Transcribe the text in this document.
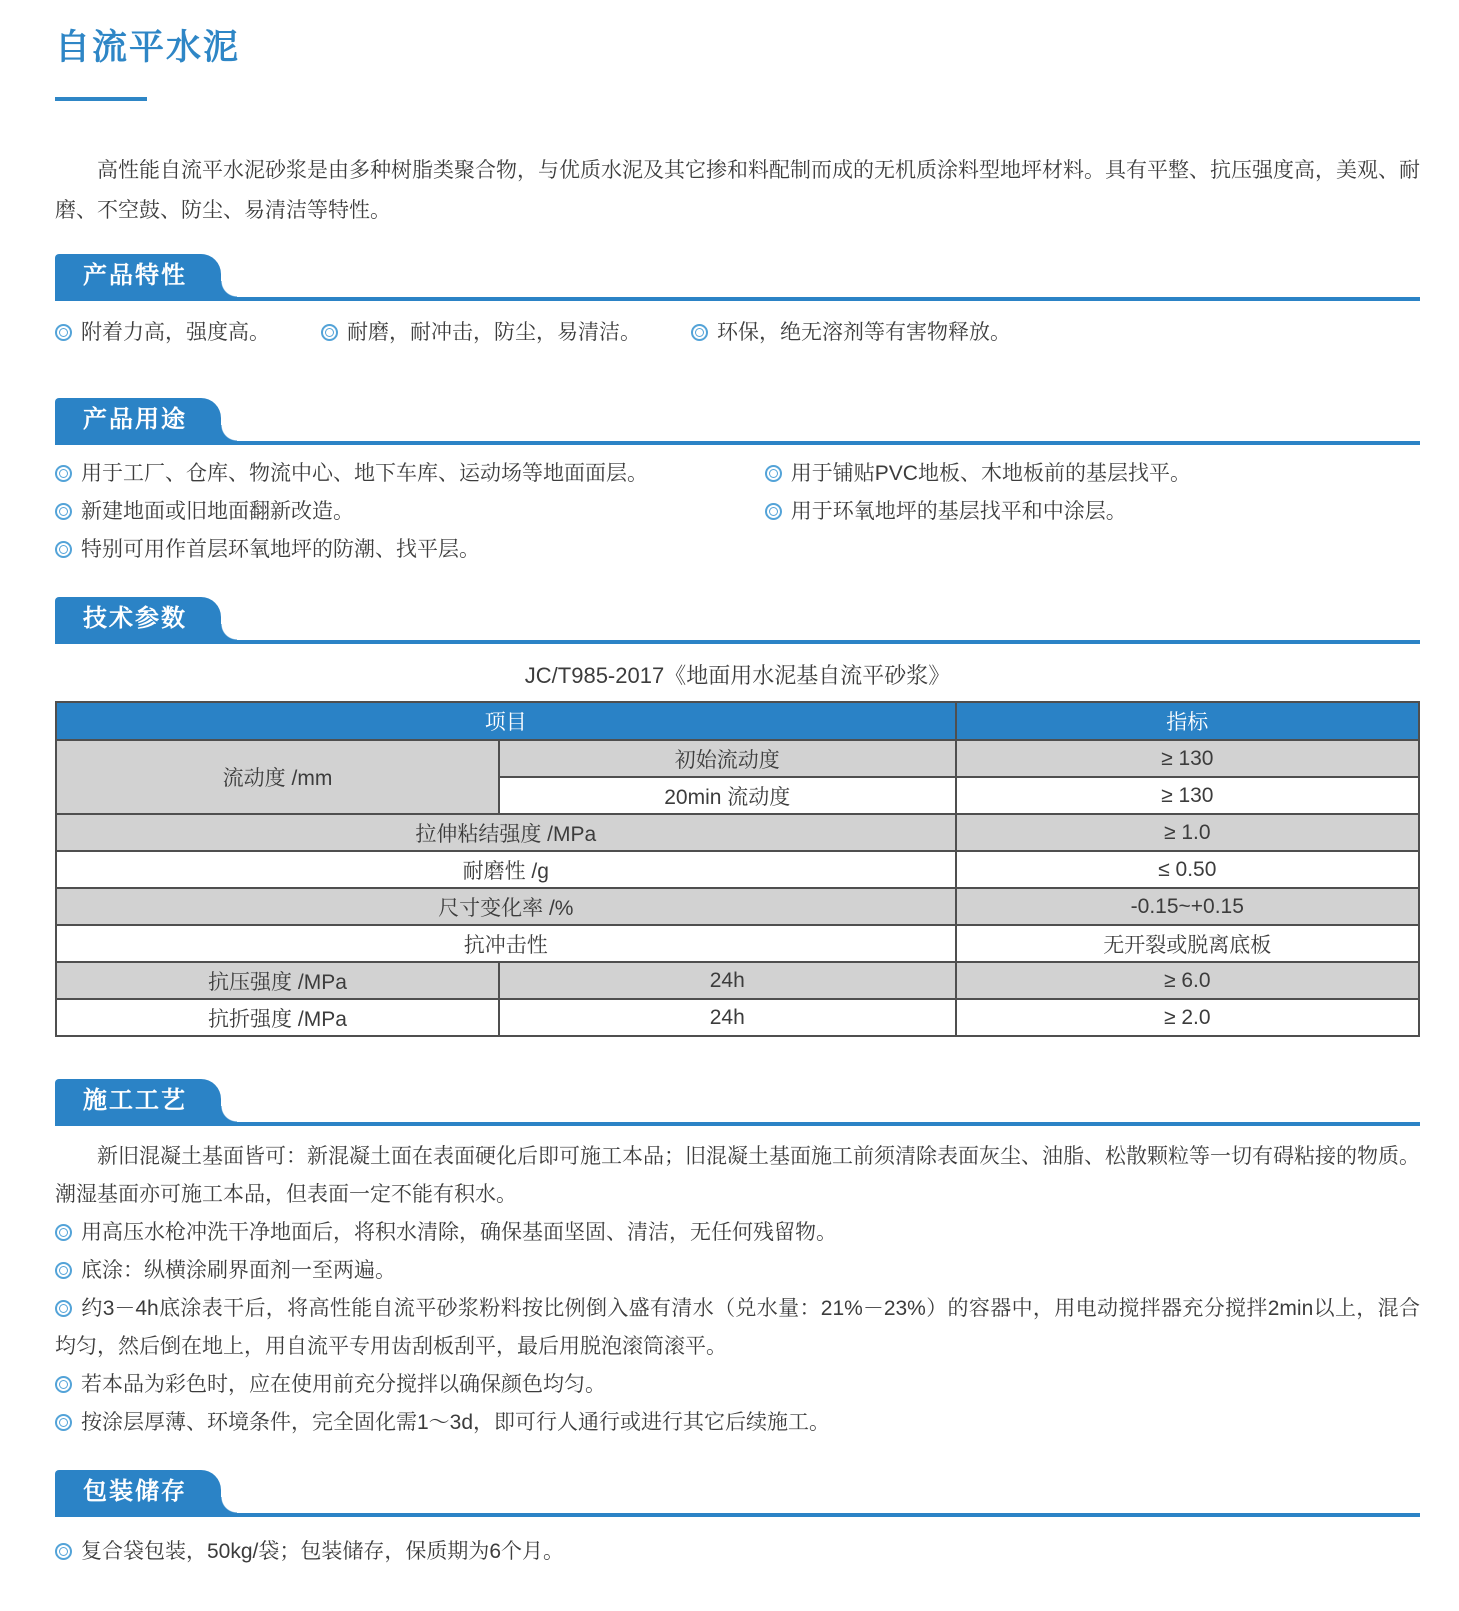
自流平水泥

高性能自流平水泥砂浆是由多种树脂类聚合物，与优质水泥及其它掺和料配制而成的无机质涂料型地坪材料。具有平整、抗压强度高，美观、耐磨、不空鼓、防尘、易清洁等特性。

产品特性

附着力高，强度高。	耐磨，耐冲击，防尘，易清洁。	环保，绝无溶剂等有害物释放。

产品用途

用于工厂、仓库、物流中心、地下车库、运动场等地面面层。

新建地面或旧地面翻新改造。

特别可用作首层环氧地坪的防潮、找平层。

用于铺贴PVC地板、木地板前的基层找平。

用于环氧地坪的基层找平和中涂层。

技术参数

JC/T985-2017《地面用水泥基自流平砂浆》

项目		指标
流动度 /mm	初始流动度	≥ 130
	20min 流动度	≥ 130
拉伸粘结强度 /MPa		≥ 1.0
耐磨性 /g		≤ 0.50
尺寸变化率 /%		-0.15~+0.15
抗冲击性		无开裂或脱离底板
抗压强度 /MPa	24h	≥ 6.0
抗折强度 /MPa	24h	≥ 2.0
施工工艺

新旧混凝土基面皆可：新混凝土面在表面硬化后即可施工本品；旧混凝土基面施工前须清除表面灰尘、油脂、松散颗粒等一切有碍粘接的物质。潮湿基面亦可施工本品，但表面一定不能有积水。

用高压水枪冲洗干净地面后，将积水清除，确保基面坚固、清洁，无任何残留物。

底涂：纵横涂刷界面剂一至两遍。

约3－4h底涂表干后，将高性能自流平砂浆粉料按比例倒入盛有清水（兑水量：21%－23%）的容器中，用电动搅拌器充分搅拌2min以上，混合均匀，然后倒在地上，用自流平专用齿刮板刮平，最后用脱泡滚筒滚平。

若本品为彩色时，应在使用前充分搅拌以确保颜色均匀。

按涂层厚薄、环境条件，完全固化需1～3d，即可行人通行或进行其它后续施工。

包装储存

复合袋包装，50kg/袋；包装储存，保质期为6个月。
